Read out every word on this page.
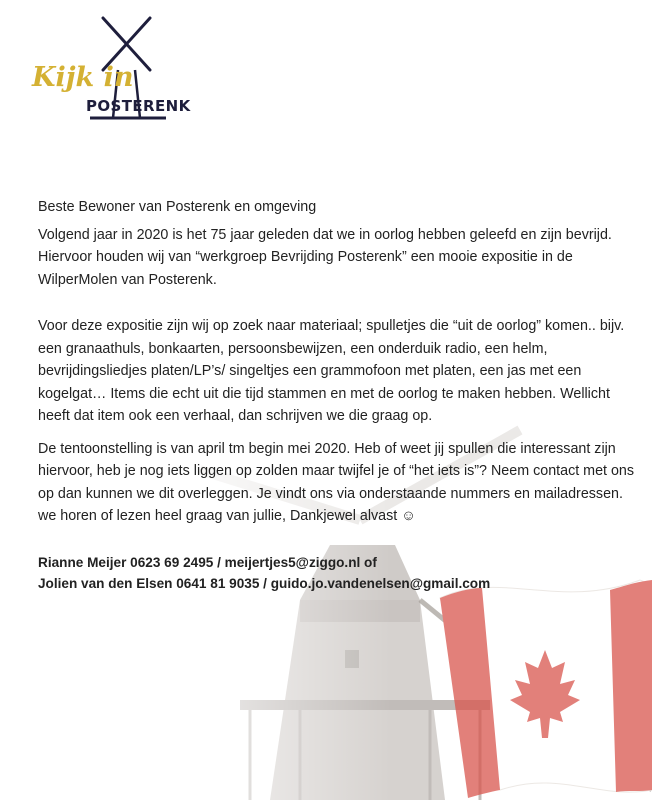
Kijk in
POSTERENK

Beste Bewoner van Posterenk en omgeving

Volgend jaar in 2020 is het 75 jaar geleden dat we in oorlog hebben geleefd en zijn bevrijd. Hiervoor houden wij van “werkgroep Bevrijding Posterenk” een mooie expositie in de WilperMolen van Posterenk.

Voor deze expositie zijn wij op zoek naar materiaal; spulletjes die “uit de oorlog” komen.. bijv. een granaathuls, bonkaarten, persoonsbewijzen, een onderduik radio, een helm, bevrijdingsliedjes platen/LP’s/ singeltjes een grammofoon met platen, een jas met een kogelgat… Items die echt uit die tijd stammen en met de oorlog te maken hebben. Wellicht heeft dat item ook een verhaal, dan schrijven we die graag op.

De tentoonstelling is van april tm begin mei 2020. Heb of weet jij spullen die interessant zijn hiervoor, heb je nog iets liggen op zolden maar twijfel je of “het iets is”? Neem contact met ons op dan kunnen we dit overleggen. Je vindt ons via onderstaande nummers en mailadressen. we horen of lezen heel graag van jullie, Dankjewel alvast ☺

Rianne Meijer 0623 69 2495 / meijertjes5@ziggo.nl of

Jolien van den Elsen 0641 81 9035 / guido.jo.vandenelsen@gmail.com
